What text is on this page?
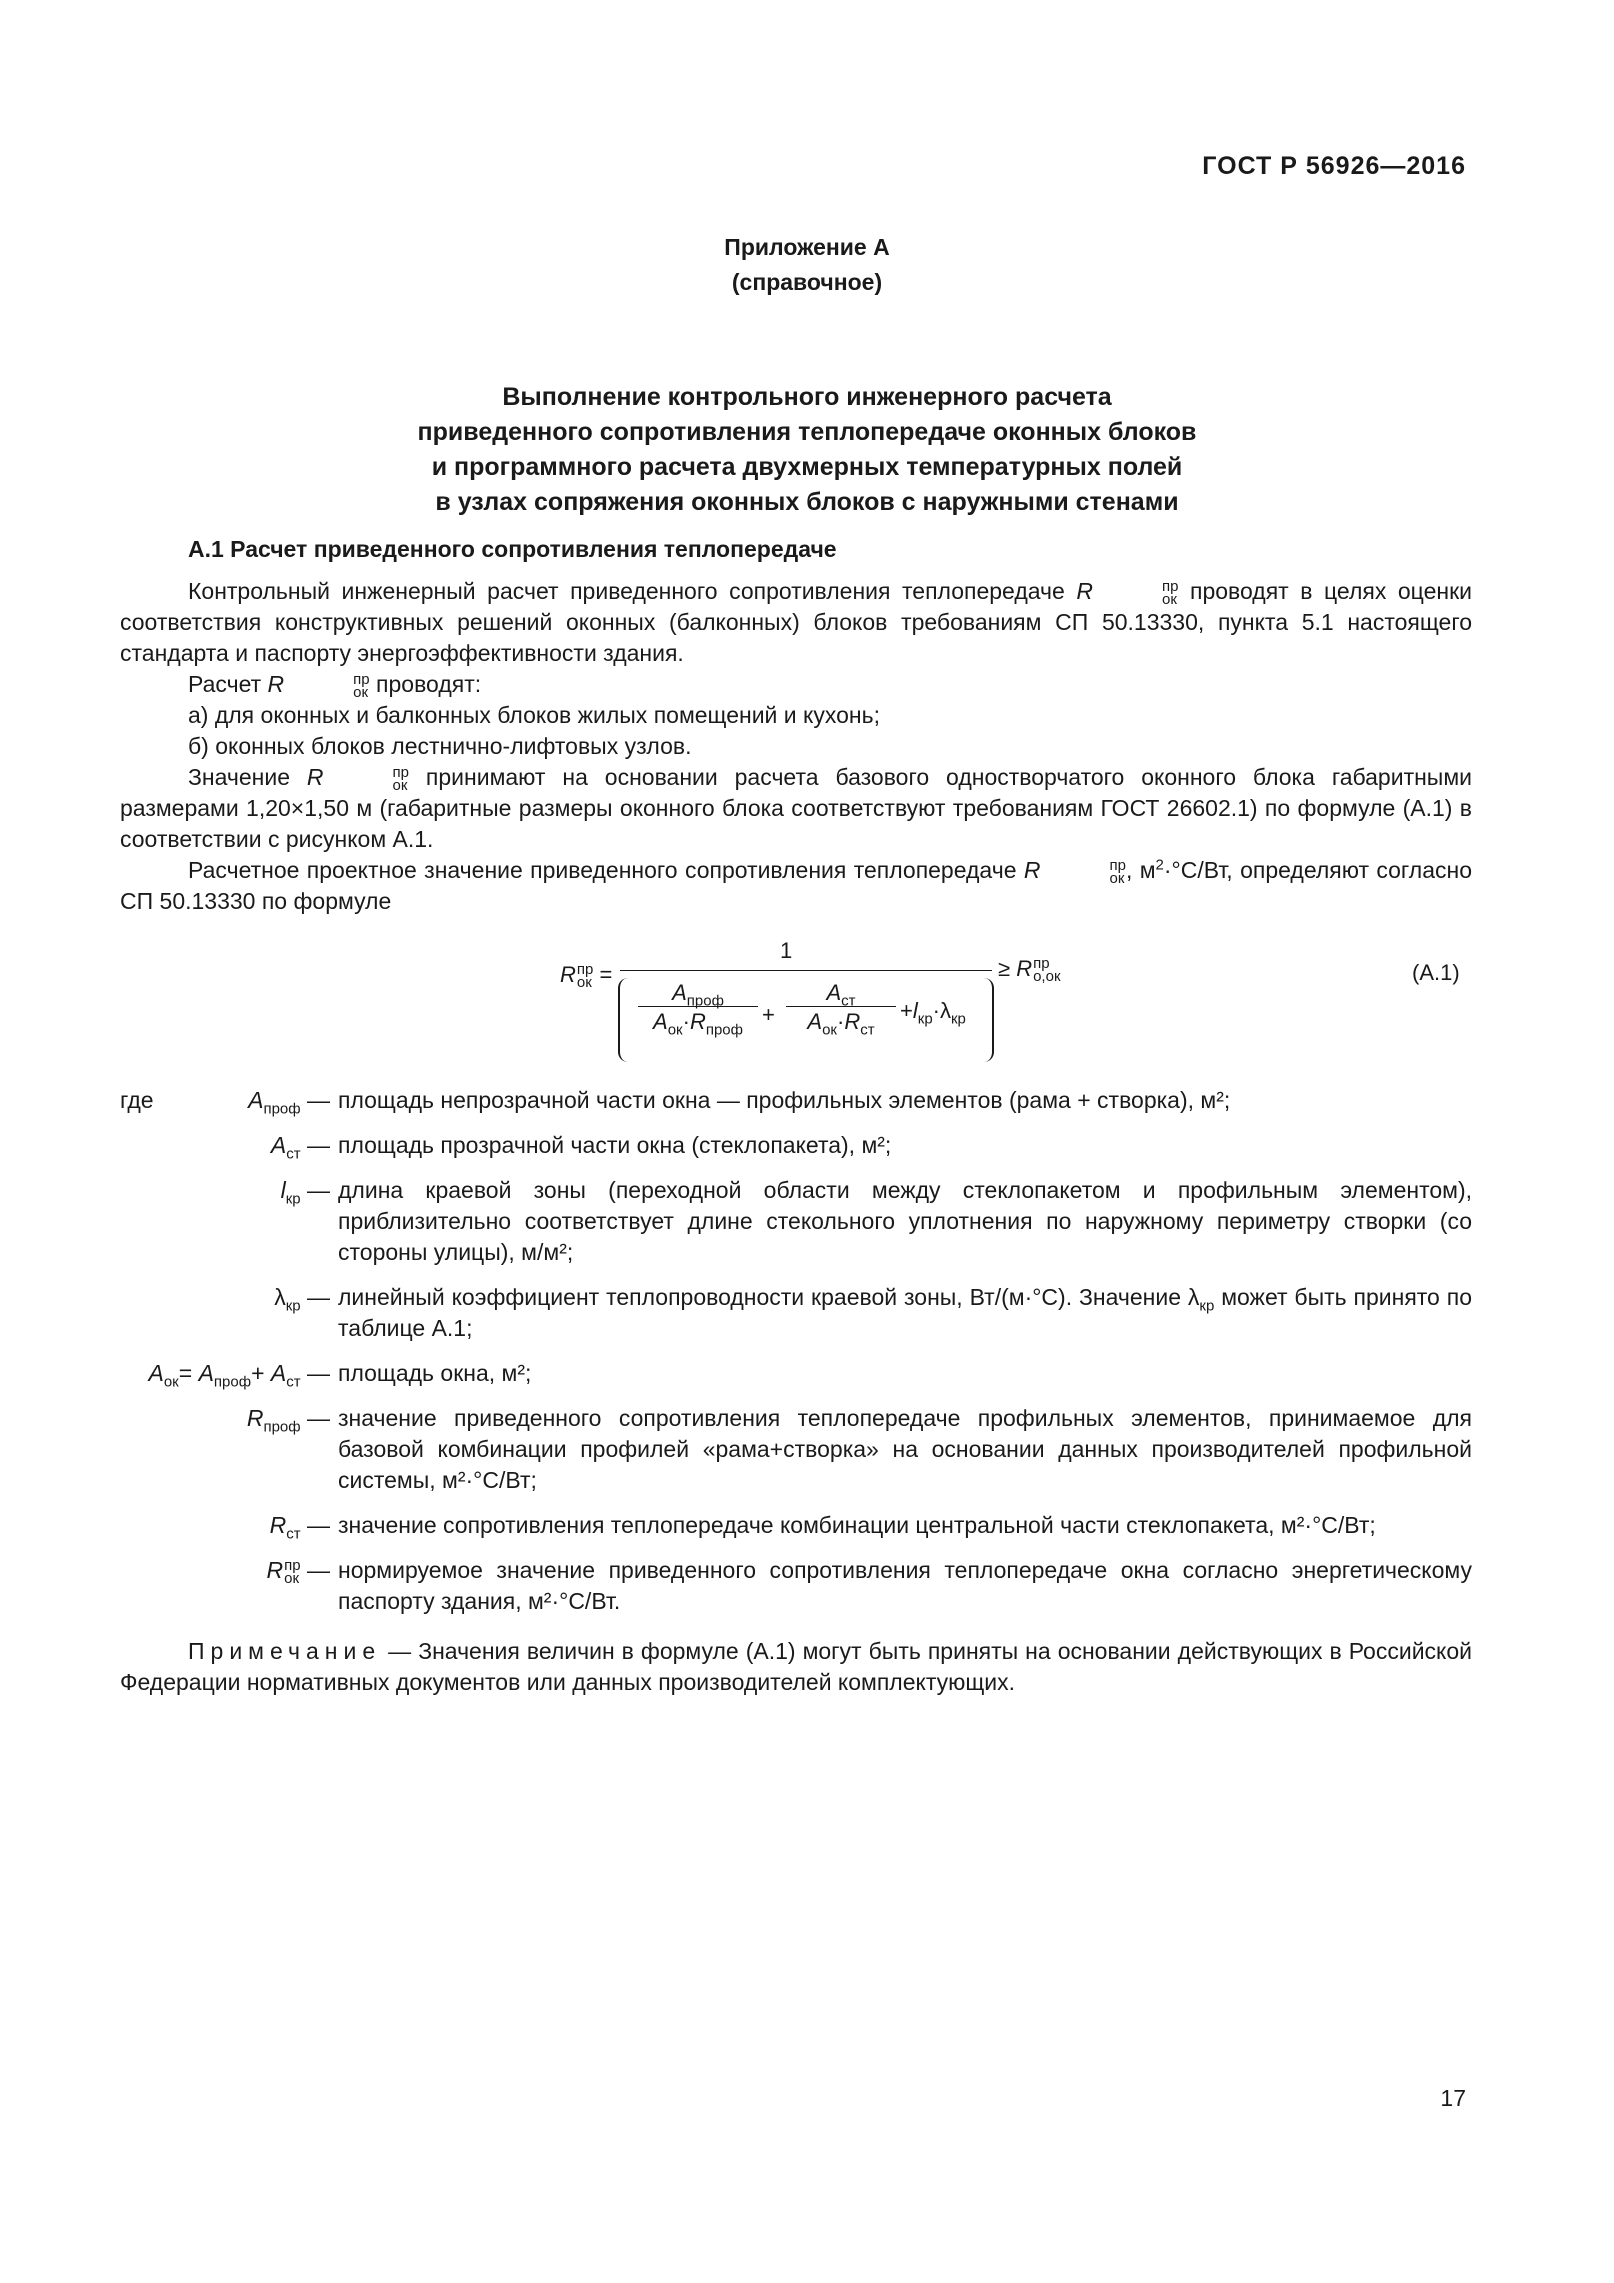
ГОСТ Р 56926—2016
Приложение А
(справочное)
Выполнение контрольного инженерного расчета
приведенного сопротивления теплопередаче оконных блоков
и программного расчета двухмерных температурных полей
в узлах сопряжения оконных блоков с наружными стенами
А.1 Расчет приведенного сопротивления теплопередаче

Контрольный инженерный расчет приведенного сопротивления теплопередаче R	пр
ок проводят в целях оценки соответствия конструктивных решений оконных (балконных) блоков требованиям СП 50.13330, пункта 5.1 настоящего стандарта и паспорту энергоэффективности здания.

Расчет R	пр
ок проводят:

а) для оконных и балконных блоков жилых помещений и кухонь;

б) оконных блоков лестнично-лифтовых узлов.

Значение R	пр
ок принимают на основании расчета базового одностворчатого оконного блока габаритными размерами 1,20×1,50 м (габаритные размеры оконного блока соответствуют требованиям ГОСТ 26602.1) по формуле (А.1) в соответствии с рисунком А.1.

Расчетное проектное значение приведенного сопротивления теплопередаче R	пр
ок , $м^2\cdot^\circ С/Вт$, определяют согласно СП 50.13330 по формуле

R пр
ок =
1
$A_{проф}$
$A_{ок}\cdot R_{проф}$
+
$A_{ст}$
$A_{ок}\cdot R_{ст}$
$+l_{кр}\cdot\lambda_{кр}$
≥ R пр
о,ок	(А.1)
где	$A_{проф}$ — площадь непрозрачной части окна — профильных элементов (рама + створка), м²;
$A_{ст}$ — площадь прозрачной части окна (стеклопакета), м²;
$l_{кр}$ — длина краевой зоны (переходной области между стеклопакетом и профильным элементом), приблизительно соответствует длине стекольного уплотнения по наружному периметру створки (со стороны улицы), м/м²;
$\lambda_{кр}$ — линейный коэффициент теплопроводности краевой зоны, Вт/(м·°С). Значение $\lambda_{кр}$ может быть принято по таблице А.1;
$A_{ок}= A_{проф}+ A_{ст}$ — площадь окна, м²;
$R_{проф}$ — значение приведенного сопротивления теплопередаче профильных элементов, принимаемое для базовой комбинации профилей «рама+створка» на основании данных производителей профильной системы, м²·°С/Вт;
$R_{ст}$ — значение сопротивления теплопередаче комбинации центральной части стеклопакета, м²·°С/Вт;
R пр
ок — нормируемое значение приведенного сопротивления теплопередаче окна согласно энергетическому паспорту здания, м²·°С/Вт.
Примечание — Значения величин в формуле (А.1) могут быть приняты на основании действующих в Российской Федерации нормативных документов или данных производителей комплектующих.
17
